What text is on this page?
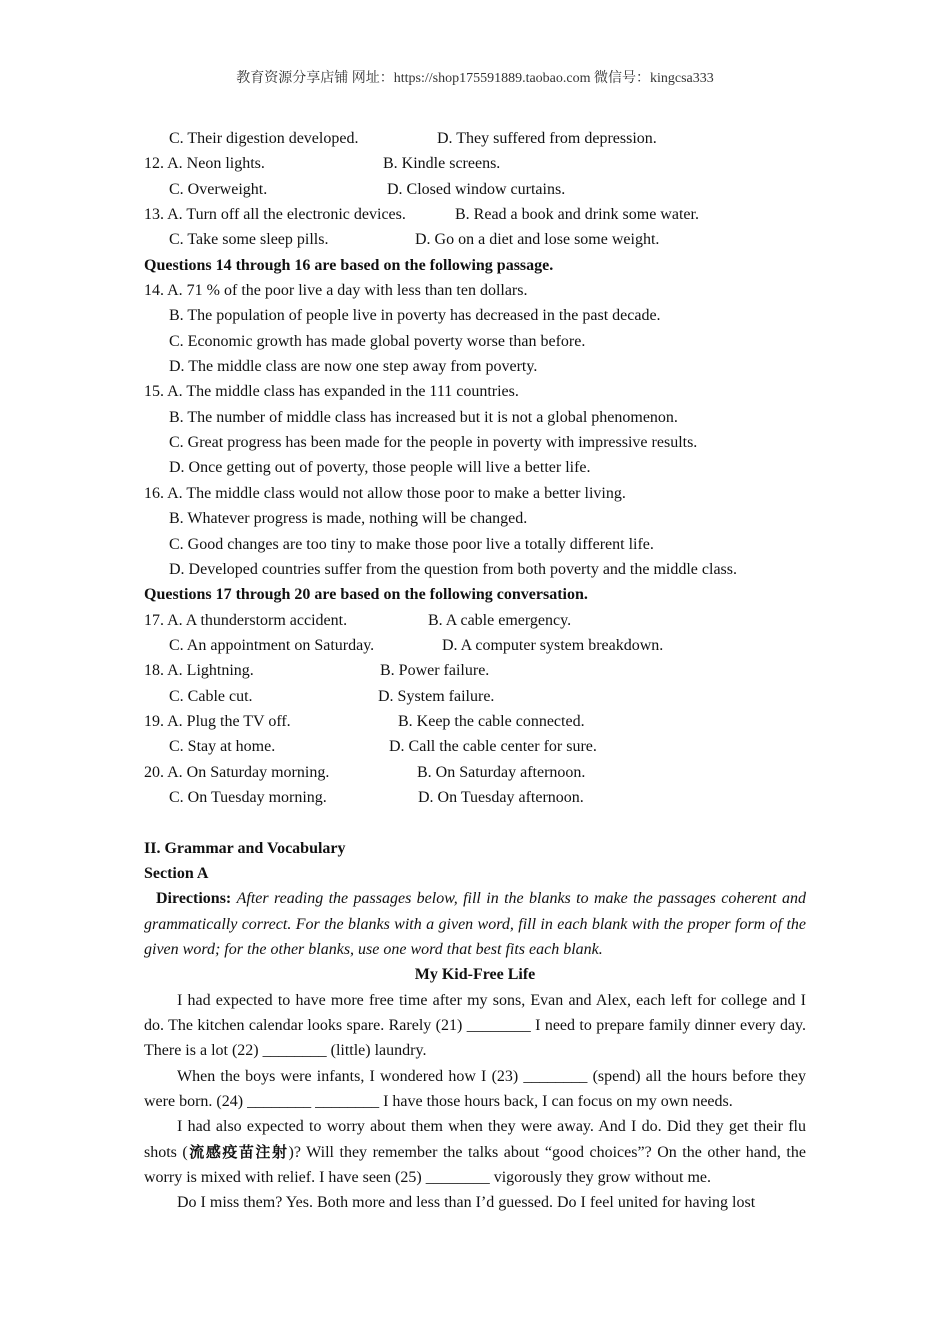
教育资源分享店铺 网址：https://shop175591889.taobao.com 微信号：kingcsa333
C. Their digestion developed.	D. They suffered from depression.
12. A. Neon lights.	B. Kindle screens.
C. Overweight.	D. Closed window curtains.
13. A. Turn off all the electronic devices.	B. Read a book and drink some water.
C. Take some sleep pills.	D. Go on a diet and lose some weight.
Questions 14 through 16 are based on the following passage.
14. A. 71 % of the poor live a day with less than ten dollars.
B. The population of people live in poverty has decreased in the past decade.
C. Economic growth has made global poverty worse than before.
D. The middle class are now one step away from poverty.
15. A. The middle class has expanded in the 111 countries.
B. The number of middle class has increased but it is not a global phenomenon.
C. Great progress has been made for the people in poverty with impressive results.
D. Once getting out of poverty, those people will live a better life.
16. A. The middle class would not allow those poor to make a better living.
B. Whatever progress is made, nothing will be changed.
C. Good changes are too tiny to make those poor live a totally different life.
D. Developed countries suffer from the question from both poverty and the middle class.
Questions 17 through 20 are based on the following conversation.
17. A. A thunderstorm accident.	B. A cable emergency.
C. An appointment on Saturday.	D. A computer system breakdown.
18. A. Lightning.	B. Power failure.
C. Cable cut.	D. System failure.
19. A. Plug the TV off.	B. Keep the cable connected.
C. Stay at home.	D. Call the cable center for sure.
20. A. On Saturday morning.	B. On Saturday afternoon.
C. On Tuesday morning.	D. On Tuesday afternoon.
II. Grammar and Vocabulary
Section A
Directions: After reading the passages below, fill in the blanks to make the passages coherent and grammatically correct. For the blanks with a given word, fill in each blank with the proper form of the given word; for the other blanks, use one word that best fits each blank.
My Kid-Free Life
I had expected to have more free time after my sons, Evan and Alex, each left for college and I do. The kitchen calendar looks spare. Rarely (21) ________ I need to prepare family dinner every day. There is a lot (22) ________ (little) laundry.
When the boys were infants, I wondered how I (23) ________ (spend) all the hours before they were born. (24) ________ ________ I have those hours back, I can focus on my own needs.
I had also expected to worry about them when they were away. And I do. Did they get their flu shots (流感疫苗注射)? Will they remember the talks about “good choices”? On the other hand, the worry is mixed with relief. I have seen (25) ________ vigorously they grow without me.
Do I miss them? Yes. Both more and less than I’d guessed. Do I feel united for having lost
